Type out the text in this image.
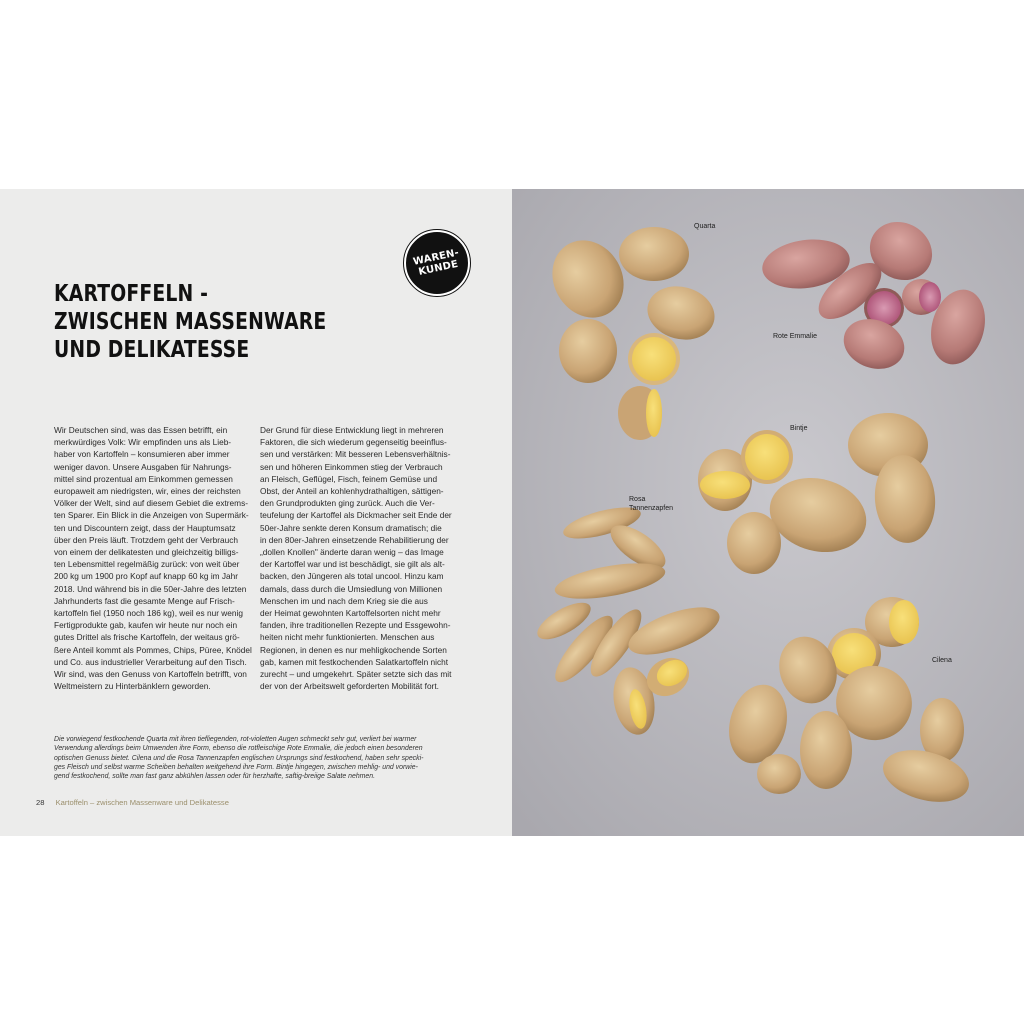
WAREN-
KUNDE
KARTOFFELN -
ZWISCHEN MASSENWARE
UND DELIKATESSE
Wir Deutschen sind, was das Essen betrifft, ein
merkwürdiges Volk: Wir empfinden uns als Lieb-
haber von Kartoffeln – konsumieren aber immer
weniger davon. Unsere Ausgaben für Nahrungs-
mittel sind prozentual am Einkommen gemessen
europaweit am niedrigsten, wir, eines der reichsten
Völker der Welt, sind auf diesem Gebiet die extrems-
ten Sparer. Ein Blick in die Anzeigen von Supermärk-
ten und Discountern zeigt, dass der Hauptumsatz
über den Preis läuft. Trotzdem geht der Verbrauch
von einem der delikatesten und gleichzeitig billigs-
ten Lebensmittel regelmäßig zurück: von weit über
200 kg um 1900 pro Kopf auf knapp 60 kg im Jahr
2018. Und während bis in die 50er-Jahre des letzten
Jahrhunderts fast die gesamte Menge auf Frisch-
kartoffeln fiel (1950 noch 186 kg), weil es nur wenig
Fertigprodukte gab, kaufen wir heute nur noch ein
gutes Drittel als frische Kartoffeln, der weitaus grö-
ßere Anteil kommt als Pommes, Chips, Püree, Knödel
und Co. aus industrieller Verarbeitung auf den Tisch.
Wir sind, was den Genuss von Kartoffeln betrifft, von
Weltmeistern zu Hinterbänklern geworden.
Der Grund für diese Entwicklung liegt in mehreren
Faktoren, die sich wiederum gegenseitig beeinflus-
sen und verstärken: Mit besseren Lebensverhältnis-
sen und höheren Einkommen stieg der Verbrauch
an Fleisch, Geflügel, Fisch, feinem Gemüse und
Obst, der Anteil an kohlenhydrathaltigen, sättigen-
den Grundprodukten ging zurück. Auch die Ver-
teufelung der Kartoffel als Dickmacher seit Ende der
50er-Jahre senkte deren Konsum dramatisch; die
in den 80er-Jahren einsetzende Rehabilitierung der
„dollen Knollen" änderte daran wenig – das Image
der Kartoffel war und ist beschädigt, sie gilt als alt-
backen, den Jüngeren als total uncool. Hinzu kam
damals, dass durch die Umsiedlung von Millionen
Menschen im und nach dem Krieg sie die aus
der Heimat gewohnten Kartoffelsorten nicht mehr
fanden, ihre traditionellen Rezepte und Essgewohn-
heiten nicht mehr funktionierten. Menschen aus
Regionen, in denen es nur mehligkochende Sorten
gab, kamen mit festkochenden Salatkartoffeln nicht
zurecht – und umgekehrt. Später setzte sich das mit
der von der Arbeitswelt geforderten Mobilität fort.
Die vorwiegend festkochende Quarta mit ihren tiefliegenden, rot-violetten Augen schmeckt sehr gut, verliert bei warmer
Verwendung allerdings beim Umwenden ihre Form, ebenso die rotfleischige Rote Emmalie, die jedoch einen besonderen
optischen Genuss bietet. Cilena und die Rosa Tannenzapfen englischen Ursprungs sind festkochend, haben sehr specki-
ges Fleisch und selbst warme Scheiben behalten weitgehend ihre Form. Bintje hingegen, zwischen mehlig- und vorwie-
gend festkochend, sollte man fast ganz abkühlen lassen oder für herzhafte, saftig-breiige Salate nehmen.
28 Kartoffeln – zwischen Massenware und Delikatesse
Quarta
Rote Emmalie
Bintje
Rosa
Tannenzapfen
Cilena
